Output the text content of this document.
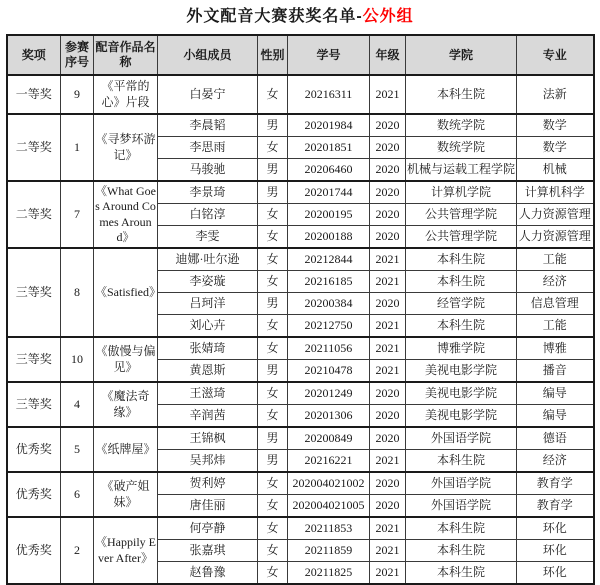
外文配音大赛获奖名单-公外组
奖项	参赛序号	配音作品名称	小组成员	性别	学号	年级	学院	专业
一等奖	9	《平常的心》片段	白晏宁	女	20216311	2021	本科生院	法新
二等奖	1	《寻梦环游记》	李晨韬	男	20201984	2020	数统学院	数学
			李思雨	女	20201851	2020	数统学院	数学
			马骏驰	男	20206460	2020	机械与运载工程学院	机械
二等奖	7	《What Goes Around Comes Around》	李景琦	男	20201744	2020	计算机学院	计算机科学
			白铭淳	女	20200195	2020	公共管理学院	人力资源管理
			李雯	女	20200188	2020	公共管理学院	人力资源管理
三等奖	8	《Satisfied》	迪娜·吐尔逊	女	20212844	2021	本科生院	工能
			李姿璇	女	20216185	2021	本科生院	经济
			吕珂洋	男	20200384	2020	经管学院	信息管理
			刘心卉	女	20212750	2021	本科生院	工能
三等奖	10	《傲慢与偏见》	张婧琦	女	20211056	2021	博雅学院	博雅
			黄恩斯	男	20210478	2021	美视电影学院	播音
三等奖	4	《魔法奇缘》	王滋琦	女	20201249	2020	美视电影学院	编导
			辛润茜	女	20201306	2020	美视电影学院	编导
优秀奖	5	《纸牌屋》	王锦枫	男	20200849	2020	外国语学院	德语
			吴邦炜	男	20216221	2021	本科生院	经济
优秀奖	6	《破产姐妹》	贺利婷	女	202004021002	2020	外国语学院	教育学
			唐佳丽	女	202004021005	2020	外国语学院	教育学
优秀奖	2	《Happily Ever After》	何亭静	女	20211853	2021	本科生院	环化
			张嘉琪	女	20211859	2021	本科生院	环化
			赵鲁豫	女	20211825	2021	本科生院	环化
